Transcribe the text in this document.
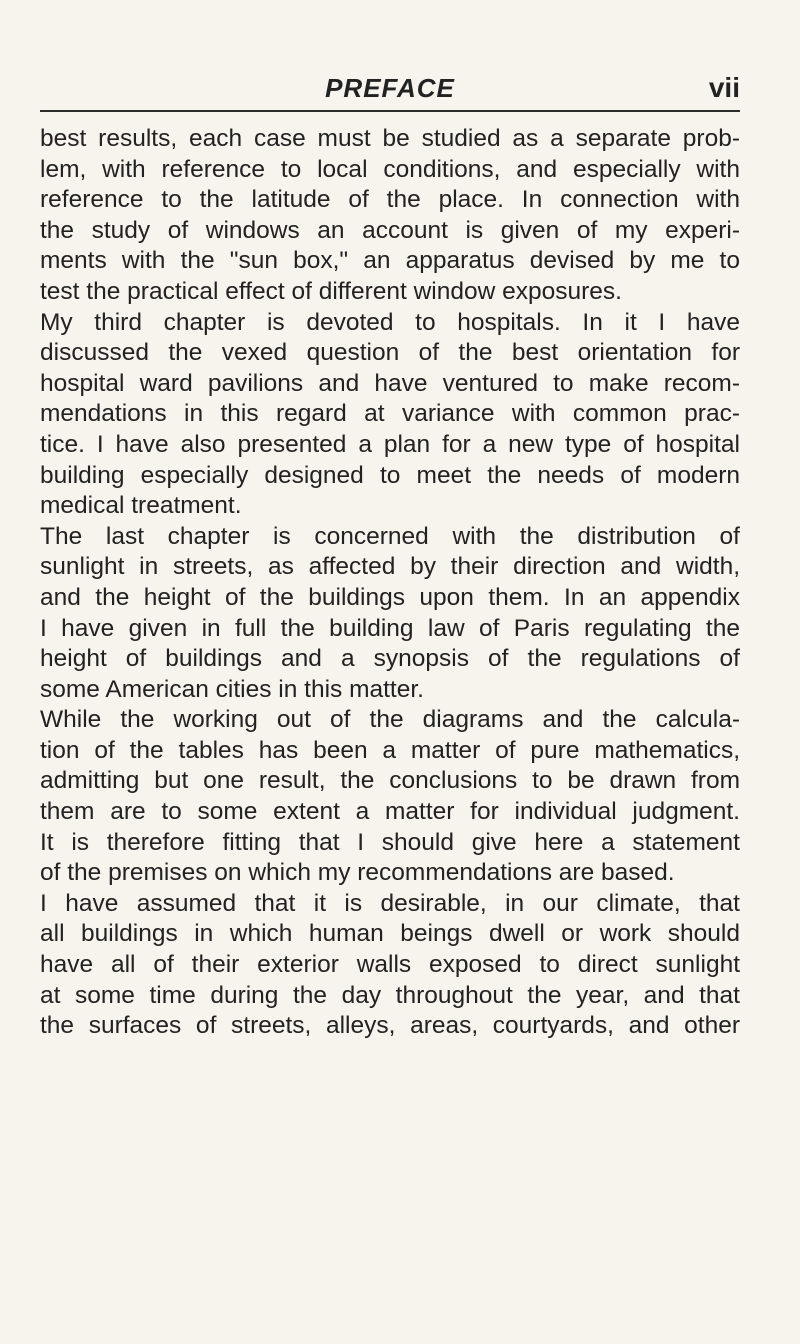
PREFACE	vii
best results, each case must be studied as a separate prob-
lem, with reference to local conditions, and especially with
reference to the latitude of the place. In connection with
the study of windows an account is given of my experi-
ments with the "sun box," an apparatus devised by me to
test the practical effect of different window exposures.
My third chapter is devoted to hospitals. In it I have
discussed the vexed question of the best orientation for
hospital ward pavilions and have ventured to make recom-
mendations in this regard at variance with common prac-
tice. I have also presented a plan for a new type of hospital
building especially designed to meet the needs of modern
medical treatment.
The last chapter is concerned with the distribution of
sunlight in streets, as affected by their direction and width,
and the height of the buildings upon them. In an appendix
I have given in full the building law of Paris regulating the
height of buildings and a synopsis of the regulations of
some American cities in this matter.
While the working out of the diagrams and the calcula-
tion of the tables has been a matter of pure mathematics,
admitting but one result, the conclusions to be drawn from
them are to some extent a matter for individual judgment.
It is therefore fitting that I should give here a statement
of the premises on which my recommendations are based.
I have assumed that it is desirable, in our climate, that
all buildings in which human beings dwell or work should
have all of their exterior walls exposed to direct sunlight
at some time during the day throughout the year, and that
the surfaces of streets, alleys, areas, courtyards, and other
